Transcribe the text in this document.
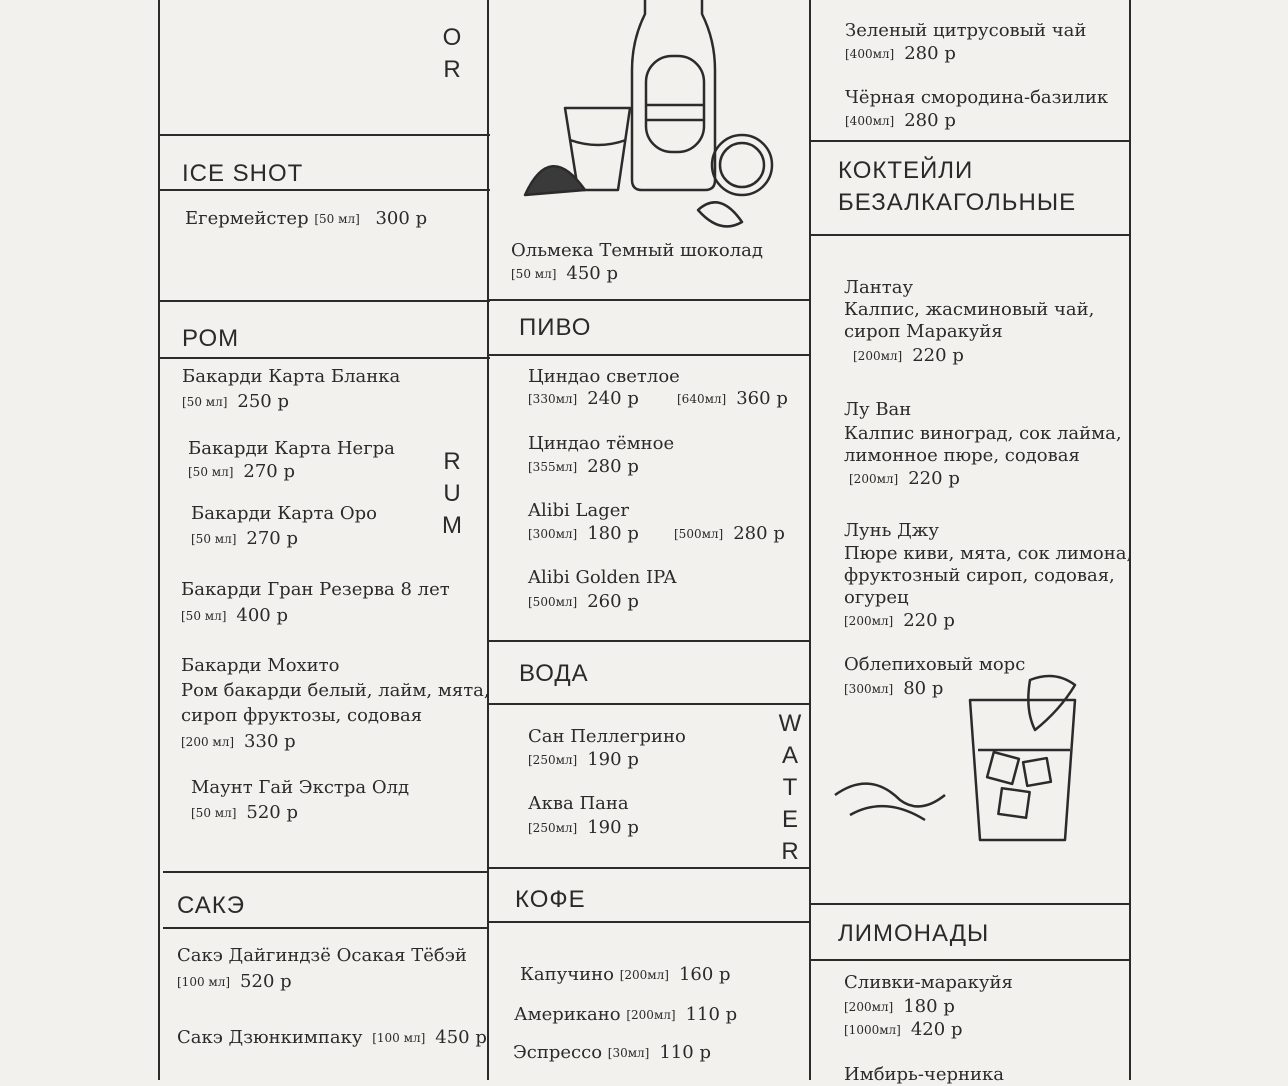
O
R
ICE SHOT
Егермейстер [50 мл] 300 р
РОМ
R
U
M
Бакарди Карта Бланка
[50 мл] 250 р
Бакарди Карта Негра
[50 мл] 270 р
Бакарди Карта Оро
[50 мл] 270 р
Бакарди Гран Резерва 8 лет
[50 мл] 400 р
Бакарди Мохито
Ром бакарди белый, лайм, мята,
сироп фруктозы, содовая
[200 мл] 330 р
Маунт Гай Экстра Олд
[50 мл] 520 р
САКЭ
Сакэ Дайгиндзё Осакая Тёбэй
[100 мл] 520 р
Сакэ Дзюнкимпаку [100 мл] 450 р
Ольмека Темный шоколад
[50 мл] 450 р
ПИВО
Циндао светлое
[330мл] 240 р	[640мл] 360 р
Циндао тёмное
[355мл] 280 р
Alibi Lager
[300мл] 180 р	[500мл] 280 р
Alibi Golden IPA
[500мл] 260 р
ВОДА
W
A
T
E
R
Сан Пеллегрино
[250мл] 190 р
Аква Пана
[250мл] 190 р
КОФЕ
Капучино [200мл] 160 р
Американо [200мл] 110 р
Эспрессо [30мл] 110 р
Зеленый цитрусовый чай
[400мл] 280 р
Чёрная смородина-базилик
[400мл] 280 р
КОКТЕЙЛИ
БЕЗАЛКАГОЛЬНЫЕ
Лантау
Калпис, жасминовый чай,
сироп Маракуйя
[200мл] 220 р
Лу Ван
Калпис виноград, сок лайма,
лимонное пюре, содовая
[200мл] 220 р
Лунь Джу
Пюре киви, мята, сок лимона,
фруктозный сироп, содовая,
огурец
[200мл] 220 р
Облепиховый морс
[300мл] 80 р
ЛИМОНАДЫ
Сливки-маракуйя
[200мл] 180 р
[1000мл] 420 р
Имбирь-черника
